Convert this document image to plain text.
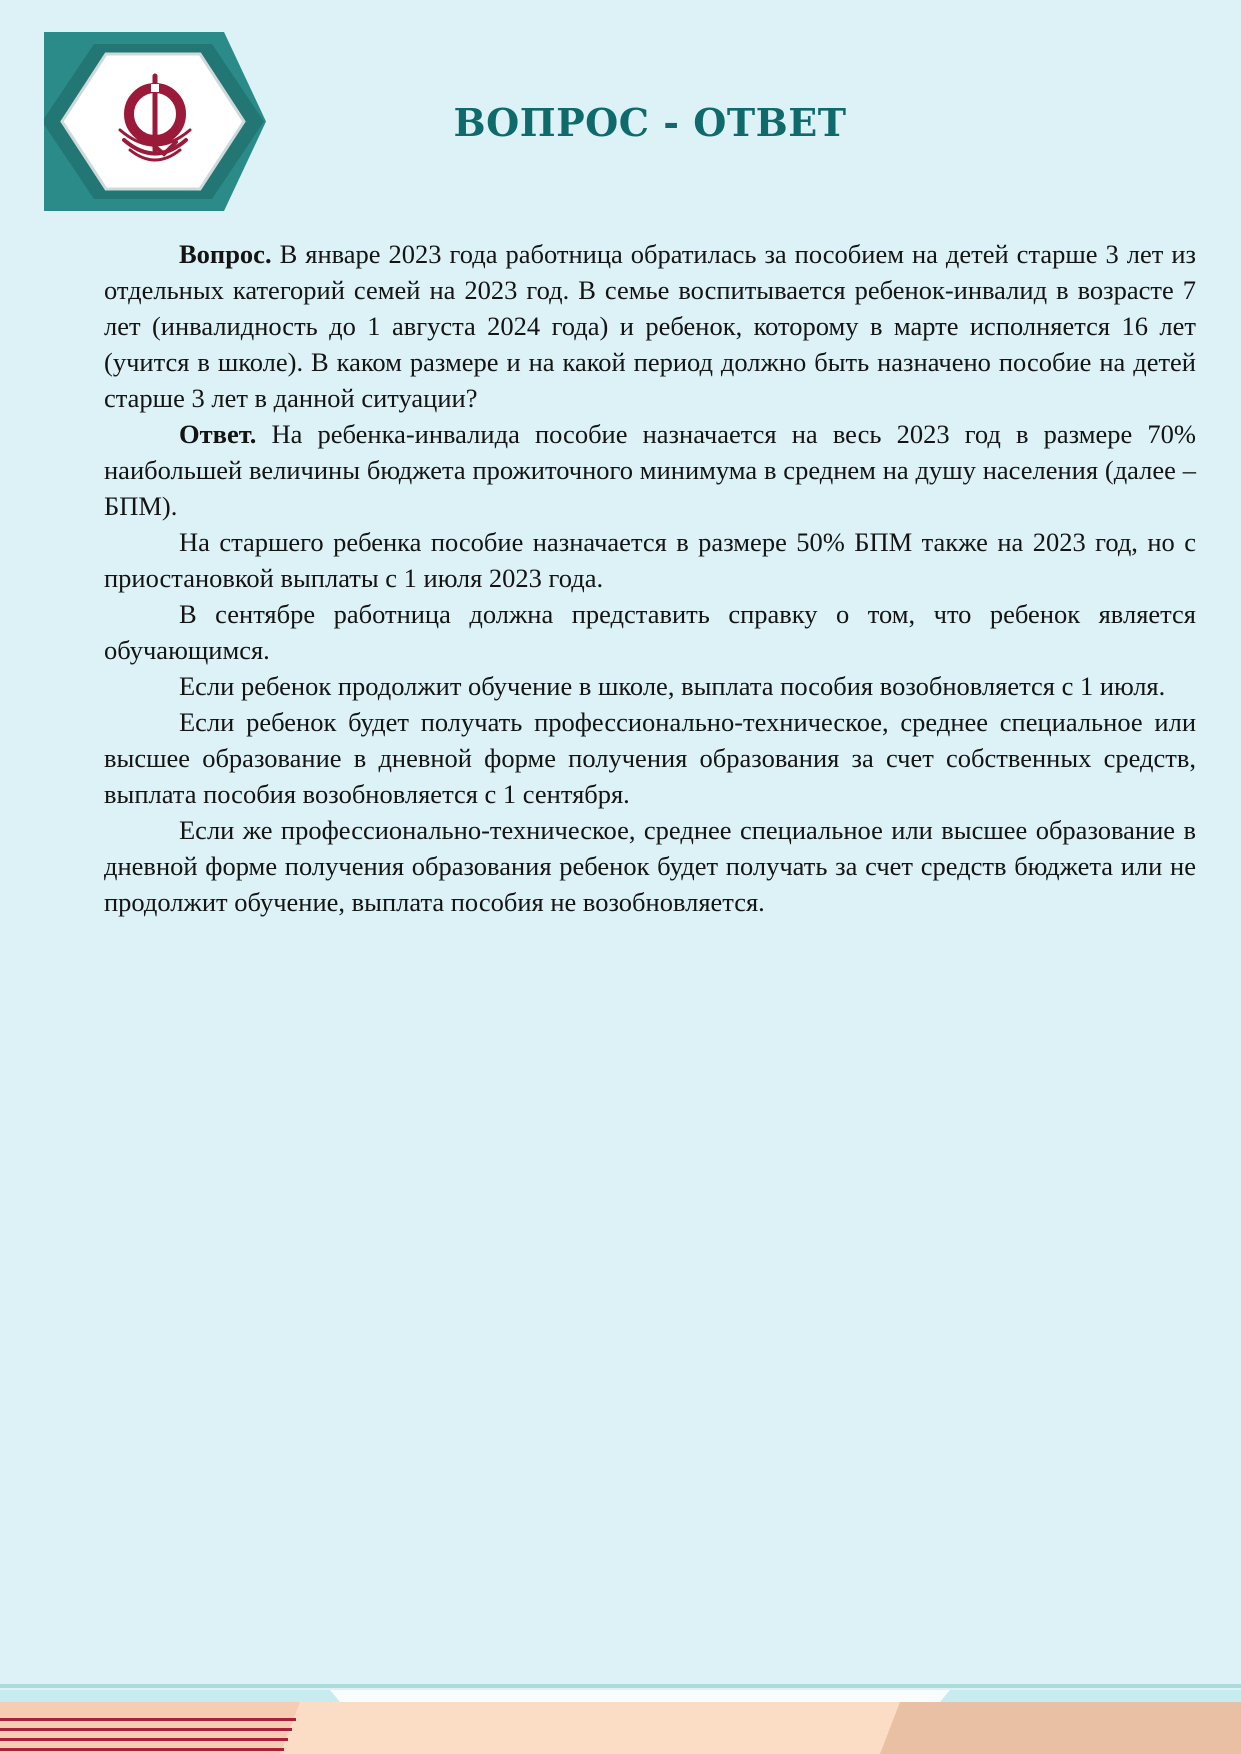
ВОПРОС - ОТВЕТ

Вопрос. В январе 2023 года работница обратилась за пособием на детей старше 3 лет из отдельных категорий семей на 2023 год. В семье воспитывается ребенок-инвалид в возрасте 7 лет (инвалидность до 1 августа 2024 года) и ребенок, которому в марте исполняется 16 лет (учится в школе). В каком размере и на какой период должно быть назначено пособие на детей старше 3 лет в данной ситуации?

Ответ. На ребенка-инвалида пособие назначается на весь 2023 год в размере 70% наибольшей величины бюджета прожиточного минимума в среднем на душу населения (далее – БПМ).

На старшего ребенка пособие назначается в размере 50% БПМ также на 2023 год, но с приостановкой выплаты с 1 июля 2023 года.

В сентябре работница должна представить справку о том, что ребенок является обучающимся.

Если ребенок продолжит обучение в школе, выплата пособия возобновляется с 1 июля.

Если ребенок будет получать профессионально-техническое, среднее специальное или высшее образование в дневной форме получения образования за счет собственных средств, выплата пособия возобновляется с 1 сентября.

Если же профессионально-техническое, среднее специальное или высшее образование в дневной форме получения образования ребенок будет получать за счет средств бюджета или не продолжит обучение, выплата пособия не возобновляется.
